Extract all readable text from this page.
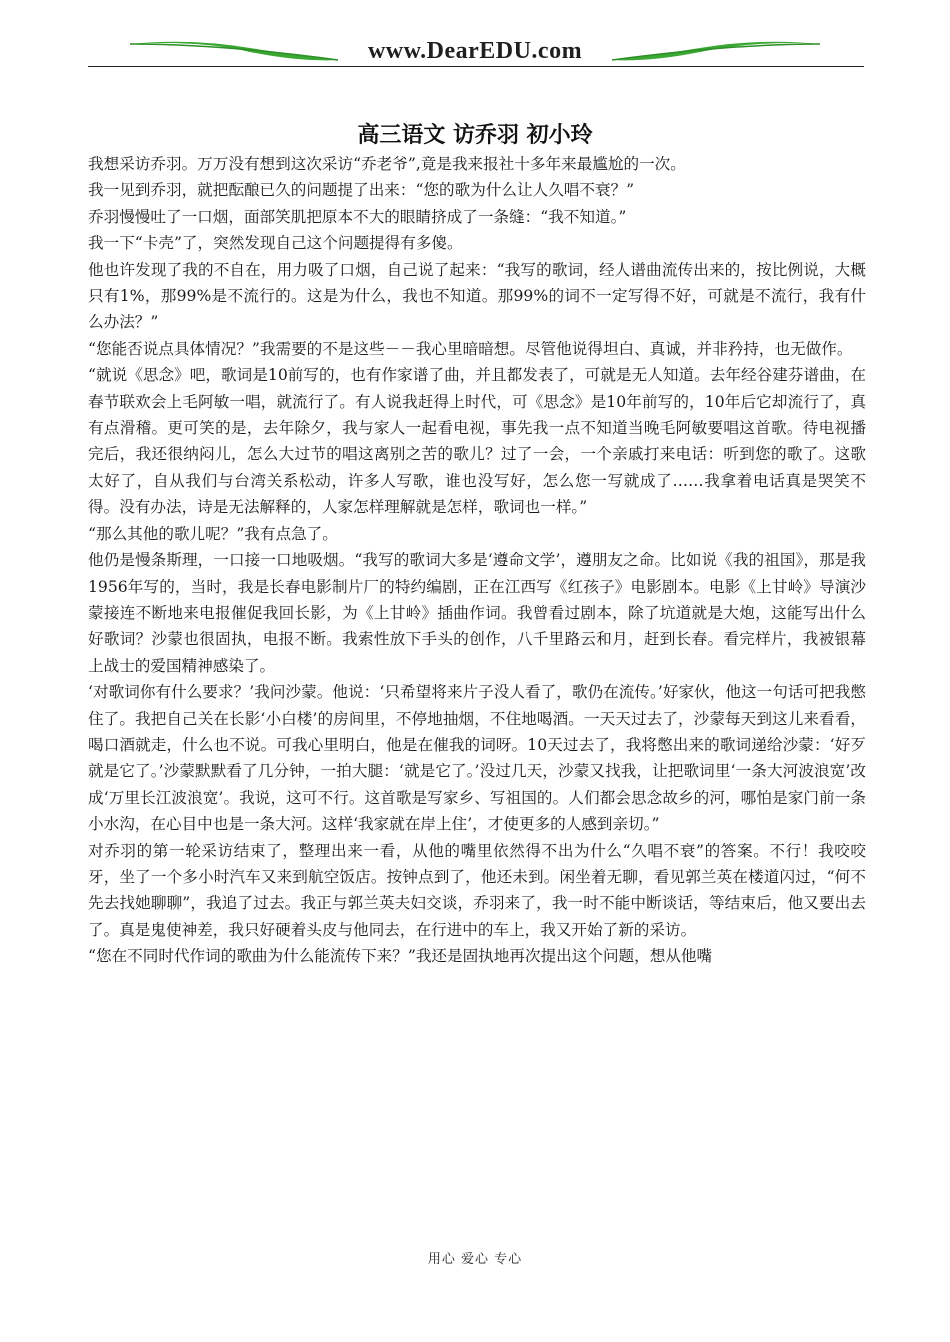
www.DearEDU.com
高三语文 访乔羽 初小玲

我想采访乔羽。万万没有想到这次采访“乔老爷”,竟是我来报社十多年来最尴尬的一次。

我一见到乔羽，就把酝酿已久的问题提了出来：“您的歌为什么让人久唱不衰？”

乔羽慢慢吐了一口烟，面部笑肌把原本不大的眼睛挤成了一条缝：“我不知道。”

我一下“卡壳”了，突然发现自己这个问题提得有多傻。

他也许发现了我的不自在，用力吸了口烟，自己说了起来：“我写的歌词，经人谱曲流传出来的，按比例说，大概只有1%，那99%是不流行的。这是为什么，我也不知道。那99%的词不一定写得不好，可就是不流行，我有什么办法？”

“您能否说点具体情况？”我需要的不是这些－－我心里暗暗想。尽管他说得坦白、真诚，并非矜持，也无做作。

“就说《思念》吧，歌词是10前写的，也有作家谱了曲，并且都发表了，可就是无人知道。去年经谷建芬谱曲，在春节联欢会上毛阿敏一唱，就流行了。有人说我赶得上时代，可《思念》是10年前写的，10年后它却流行了，真有点滑稽。更可笑的是，去年除夕，我与家人一起看电视，事先我一点不知道当晚毛阿敏要唱这首歌。待电视播完后，我还很纳闷儿，怎么大过节的唱这离别之苦的歌儿？过了一会，一个亲戚打来电话：听到您的歌了。这歌太好了，自从我们与台湾关系松动，许多人写歌，谁也没写好，怎么您一写就成了……我拿着电话真是哭笑不得。没有办法，诗是无法解释的，人家怎样理解就是怎样，歌词也一样。”

“那么其他的歌儿呢？”我有点急了。

他仍是慢条斯理，一口接一口地吸烟。“我写的歌词大多是‘遵命文学’，遵朋友之命。比如说《我的祖国》，那是我1956年写的，当时，我是长春电影制片厂的特约编剧，正在江西写《红孩子》电影剧本。电影《上甘岭》导演沙蒙接连不断地来电报催促我回长影，为《上甘岭》插曲作词。我曾看过剧本，除了坑道就是大炮，这能写出什么好歌词？沙蒙也很固执，电报不断。我索性放下手头的创作，八千里路云和月，赶到长春。看完样片，我被银幕上战士的爱国精神感染了。

‘对歌词你有什么要求？’我问沙蒙。他说：‘只希望将来片子没人看了，歌仍在流传。’好家伙，他这一句话可把我憋住了。我把自己关在长影‘小白楼’的房间里，不停地抽烟，不住地喝酒。一天天过去了，沙蒙每天到这儿来看看，喝口酒就走，什么也不说。可我心里明白，他是在催我的词呀。10天过去了，我将憋出来的歌词递给沙蒙：‘好歹就是它了。’沙蒙默默看了几分钟，一拍大腿：‘就是它了。’没过几天，沙蒙又找我，让把歌词里‘一条大河波浪宽’改成‘万里长江波浪宽’。我说，这可不行。这首歌是写家乡、写祖国的。人们都会思念故乡的河，哪怕是家门前一条小水沟，在心目中也是一条大河。这样‘我家就在岸上住’，才使更多的人感到亲切。”

对乔羽的第一轮采访结束了，整理出来一看，从他的嘴里依然得不出为什么“久唱不衰”的答案。不行！我咬咬牙，坐了一个多小时汽车又来到航空饭店。按钟点到了，他还未到。闲坐着无聊，看见郭兰英在楼道闪过，“何不先去找她聊聊”，我追了过去。我正与郭兰英夫妇交谈，乔羽来了，我一时不能中断谈话，等结束后，他又要出去了。真是鬼使神差，我只好硬着头皮与他同去，在行进中的车上，我又开始了新的采访。

“您在不同时代作词的歌曲为什么能流传下来？”我还是固执地再次提出这个问题，想从他嘴

用心 爱心 专心
